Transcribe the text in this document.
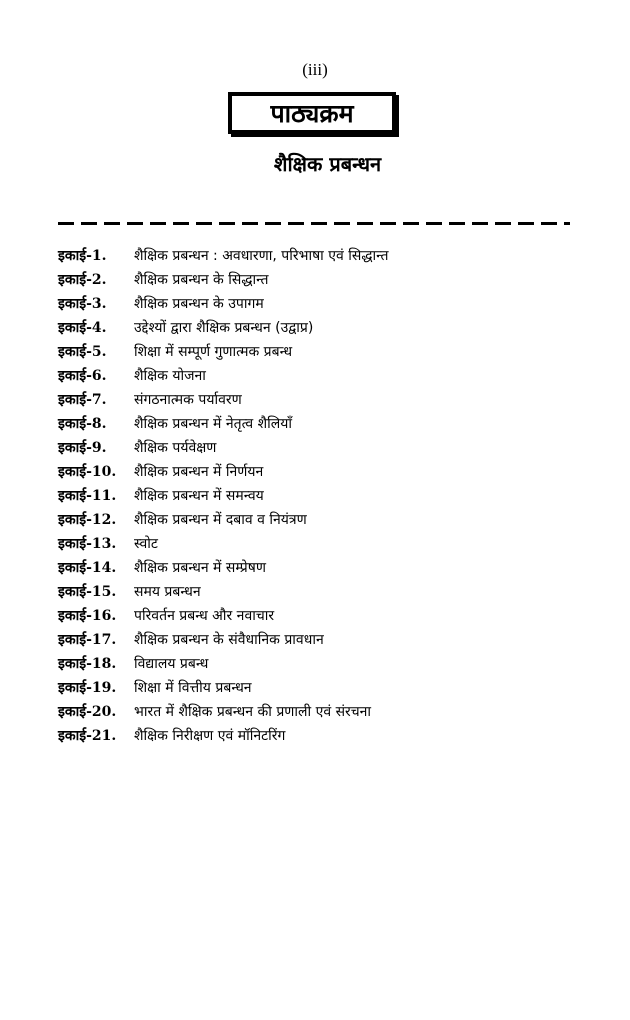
(iii)
पाठ्यक्रम
शैक्षिक प्रबन्धन
इकाई-1.	शैक्षिक प्रबन्धन : अवधारणा, परिभाषा एवं सिद्धान्त
इकाई-2.	शैक्षिक प्रबन्धन के सिद्धान्त
इकाई-3.	शैक्षिक प्रबन्धन के उपागम
इकाई-4.	उद्देश्यों द्वारा शैक्षिक प्रबन्धन (उद्वाप्र)
इकाई-5.	शिक्षा में सम्पूर्ण गुणात्मक प्रबन्ध
इकाई-6.	शैक्षिक योजना
इकाई-7.	संगठनात्मक पर्यावरण
इकाई-8.	शैक्षिक प्रबन्धन में नेतृत्व शैलियाँ
इकाई-9.	शैक्षिक पर्यवेक्षण
इकाई-10.	शैक्षिक प्रबन्धन में निर्णयन
इकाई-11.	शैक्षिक प्रबन्धन में समन्वय
इकाई-12.	शैक्षिक प्रबन्धन में दबाव व नियंत्रण
इकाई-13.	स्वोट
इकाई-14.	शैक्षिक प्रबन्धन में सम्प्रेषण
इकाई-15.	समय प्रबन्धन
इकाई-16.	परिवर्तन प्रबन्ध और नवाचार
इकाई-17.	शैक्षिक प्रबन्धन के संवैधानिक प्रावधान
इकाई-18.	विद्यालय प्रबन्ध
इकाई-19.	शिक्षा में वित्तीय प्रबन्धन
इकाई-20.	भारत में शैक्षिक प्रबन्धन की प्रणाली एवं संरचना
इकाई-21.	शैक्षिक निरीक्षण एवं मॉनिटरिंग
